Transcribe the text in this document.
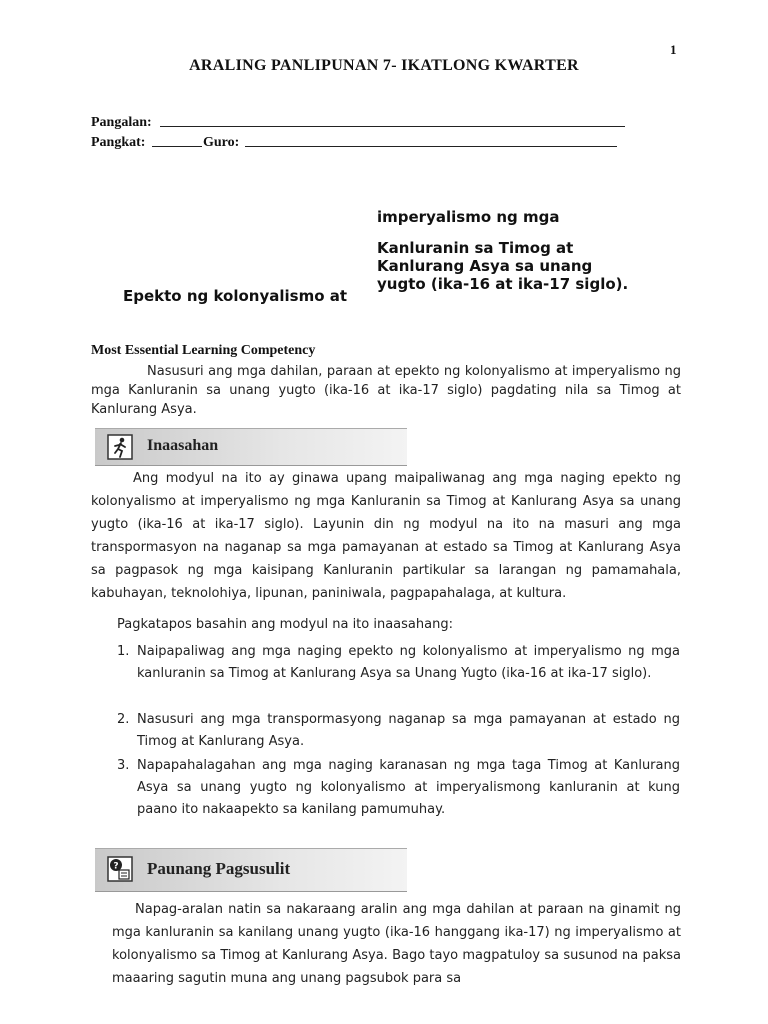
1
ARALING PANLIPUNAN 7- IKATLONG KWARTER
Pangalan:
Pangkat:	Guro:
imperyalismo ng mga
Kanluranin sa Timog at
Kanlurang Asya sa unang
yugto (ika-16 at ika-17 siglo).
Epekto ng kolonyalismo at
Most Essential Learning Competency
Nasusuri ang mga dahilan, paraan at epekto ng kolonyalismo at imperyalismo ng mga Kanluranin sa unang yugto (ika-16 at ika-17 siglo) pagdating nila sa Timog at Kanlurang Asya.
Inaasahan
Ang modyul na ito ay ginawa upang maipaliwanag ang mga naging epekto ng kolonyalismo at imperyalismo ng mga Kanluranin sa Timog at Kanlurang Asya sa unang yugto (ika-16 at ika-17 siglo). Layunin din ng modyul na ito na masuri ang mga transpormasyon na naganap sa mga pamayanan at estado sa Timog at Kanlurang Asya sa pagpasok ng mga kaisipang Kanluranin partikular sa larangan ng pamamahala, kabuhayan, teknolohiya, lipunan, paniniwala, pagpapahalaga, at kultura.
Pagkatapos basahin ang modyul na ito inaasahang:
1. Naipapaliwag ang mga naging epekto ng kolonyalismo at imperyalismo ng mga kanluranin sa Timog at Kanlurang Asya sa Unang Yugto (ika-16 at ika-17 siglo).
2. Nasusuri ang mga transpormasyong naganap sa mga pamayanan at estado ng Timog at Kanlurang Asya.
3. Napapahalagahan ang mga naging karanasan ng mga taga Timog at Kanlurang Asya sa unang yugto ng kolonyalismo at imperyalismong kanluranin at kung paano ito nakaapekto sa kanilang pamumuhay.
? Paunang Pagsusulit
Napag-aralan natin sa nakaraang aralin ang mga dahilan at paraan na ginamit ng mga kanluranin sa kanilang unang yugto (ika-16 hanggang ika-17) ng imperyalismo at kolonyalismo sa Timog at Kanlurang Asya. Bago tayo magpatuloy sa susunod na paksa maaaring sagutin muna ang unang pagsubok para sa
